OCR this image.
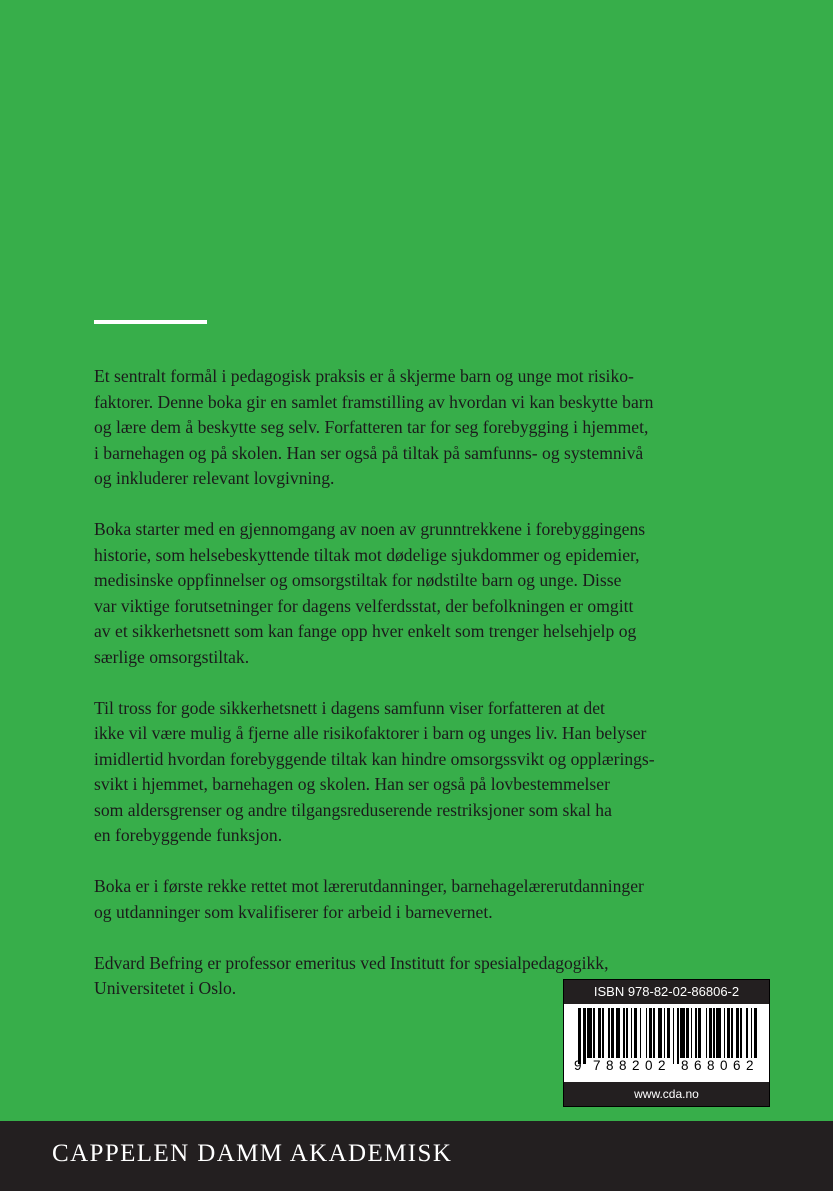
Et sentralt formål i pedagogisk praksis er å skjerme barn og unge mot risiko-

faktorer. Denne boka gir en samlet framstilling av hvordan vi kan beskytte barn

og lære dem å beskytte seg selv. Forfatteren tar for seg forebygging i hjemmet,

i barnehagen og på skolen. Han ser også på tiltak på samfunns- og systemnivå

og inkluderer relevant lovgivning.

Boka starter med en gjennomgang av noen av grunntrekkene i forebyggingens

historie, som helsebeskyttende tiltak mot dødelige sjukdommer og epidemier,

medisinske oppfinnelser og omsorgstiltak for nødstilte barn og unge. Disse

var viktige forutsetninger for dagens velferdsstat, der befolkningen er omgitt

av et sikkerhetsnett som kan fange opp hver enkelt som trenger helsehjelp og

særlige omsorgstiltak.

Til tross for gode sikkerhetsnett i dagens samfunn viser forfatteren at det

ikke vil være mulig å fjerne alle risikofaktorer i barn og unges liv. Han belyser

imidlertid hvordan forebyggende tiltak kan hindre omsorgssvikt og opplærings-

svikt i hjemmet, barnehagen og skolen. Han ser også på lovbestemmelser

som aldersgrenser og andre tilgangsreduserende restriksjoner som skal ha

en forebyggende funksjon.

Boka er i første rekke rettet mot lærerutdanninger, barnehagelærerutdanninger

og utdanninger som kvalifiserer for arbeid i barnevernet.

Edvard Befring er professor emeritus ved Institutt for spesialpedagogikk,

Universitetet i Oslo.	ISBN 978-82-02-86806-2
9 7 8 8 2 0 2 8 6 8 0 6 2
www.cda.no
CAPPELEN DAMM AKADEMISK
